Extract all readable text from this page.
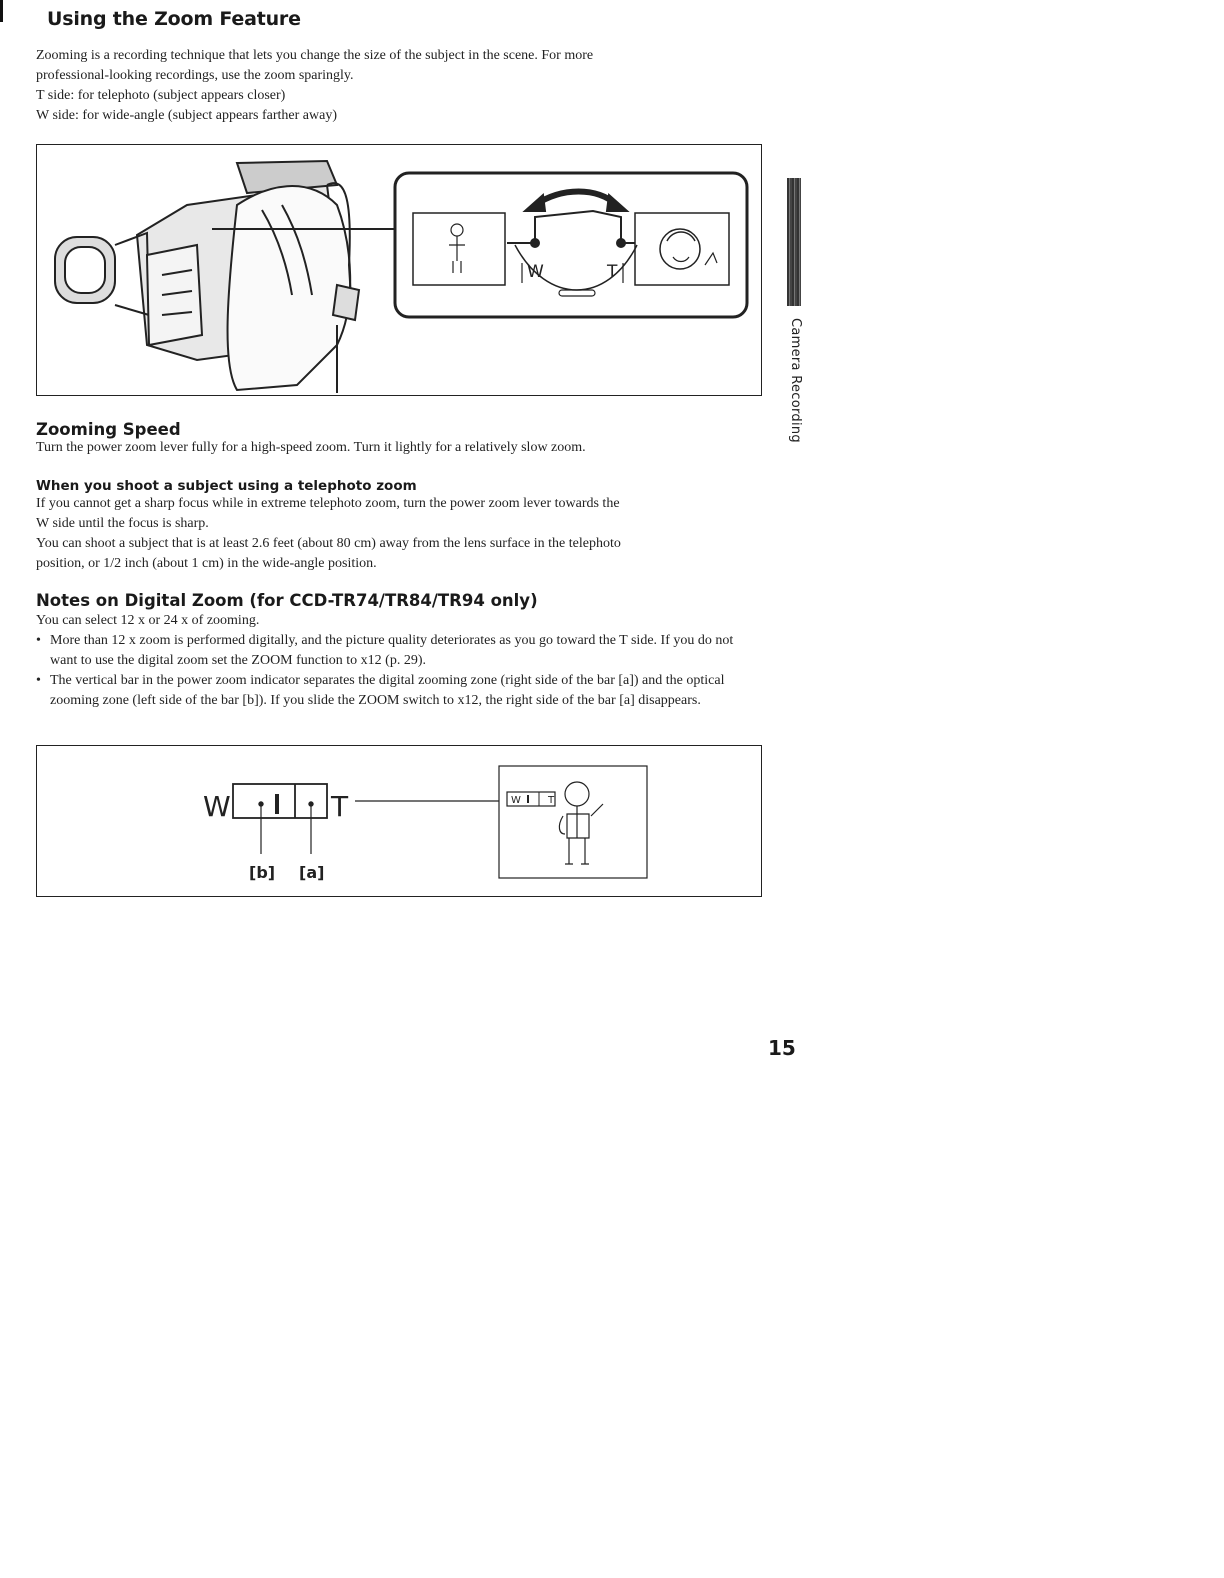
Using the Zoom Feature
Zooming is a recording technique that lets you change the size of the subject in the scene. For more
professional-looking recordings, use the zoom sparingly.
T side: for telephoto (subject appears closer)
W side: for wide-angle (subject appears farther away)
W	T
Camera Recording
Zooming Speed
Turn the power zoom lever fully for a high-speed zoom. Turn it lightly for a relatively slow zoom.
When you shoot a subject using a telephoto zoom
If you cannot get a sharp focus while in extreme telephoto zoom, turn the power zoom lever towards the
W side until the focus is sharp.
You can shoot a subject that is at least 2.6 feet (about 80 cm) away from the lens surface in the telephoto
position, or 1/2 inch (about 1 cm) in the wide-angle position.
Notes on Digital Zoom (for CCD-TR74/TR84/TR94 only)
You can select 12 x or 24 x of zooming.
• More than 12 x zoom is performed digitally, and the picture quality deteriorates as you go toward the T side. If you do not want to use the digital zoom set the ZOOM function to x12 (p. 29).
• The vertical bar in the power zoom indicator separates the digital zooming zone (right side of the bar [a]) and the optical zooming zone (left side of the bar [b]). If you slide the ZOOM switch to x12, the right side of the bar [a] disappears.
W	T	W	T
[b] [a]
15
